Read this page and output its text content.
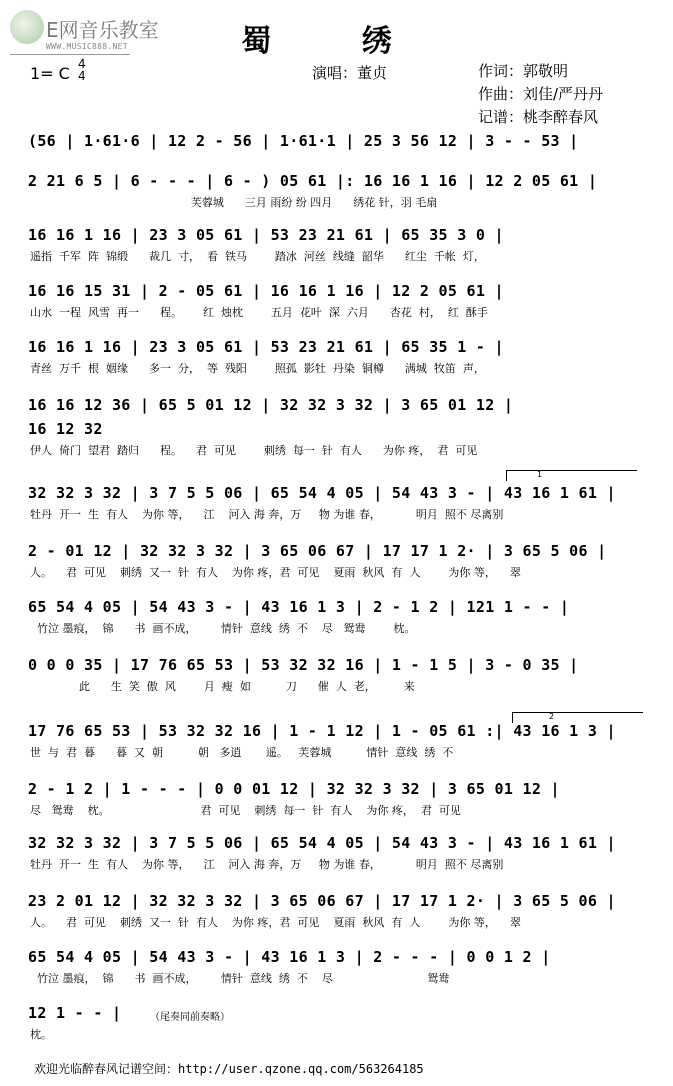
E网音乐教室
WWW.MUSIC888.NET	蜀 绣
1= C 4
4	演唱：董贞	作词：郭敬明
作曲：刘佳/严丹丹
记谱：桃李醉春风
(56 | 1·61·6 | 12 2 - 56 | 1·61·1 | 25 3 56 12 | 3 - - 53 |
2 21 6 5 | 6 - - - | 6 - ) 05 61 |: 16 16 1 16 | 12 2 05 61 |
芙蓉城      三月 雨纷 纷 四月      绣花 针，羽 毛扇
16 16 1 16 | 23 3 05 61 | 53 23 21 61 | 65 35 3 0 |
遥指  千军  阵  锦缎      裁几  寸，  看  铁马        踏冰  河丝  线缝  韶华      红尘  千帐  灯，
16 16 15 31 | 2 - 05 61 | 16 16 1 16 | 12 2 05 61 |
山水  一程  风雪  再一      程。      红  烛枕        五月  花叶  深  六月      杏花  村，  红  酥手
16 16 1 16 | 23 3 05 61 | 53 23 21 61 | 65 35 1 - |
青丝  万千  根  姻缘      多一  分，  等  残阳        照孤  影牡  丹染  铜樽      满城  牧笛  声，
16 16 12 36 | 65 5 01 12 | 32 32 3 32 | 3 65 01 12 |
16 12 32
伊人  倚门  望君  踏归      程。    君  可见        刺绣  每一  针  有人      为你 疼，  君  可见
32 32 3 32 | 3 7 5 5 06 | 65 54 4 05 | 54 43 3 - | 43 16 1 61 |
牡丹  开一  生  有人    为你 等，    江    河入 海 奔，万     物 为谁 春，          明月  照不 尽离别
2 - 01 12 | 32 32 3 32 | 3 65 06 67 | 17 17 1 2· | 3 65 5 06 |
人。    君  可见    刺绣  又一  针  有人    为你 疼，君  可见    夏雨  秋风  有  人        为你 等，    翠
65 54 4 05 | 54 43 3 - | 43 16 1 3 | 2 - 1 2 | 121 1 - - |
竹泣 墨痕，  锦      书  画不成，       情针  意线  绣  不    尽   鸳鸯        枕。
0 0 0 35 | 17 76 65 53 | 53 32 32 16 | 1 - 1 5 | 3 - 0 35 |
此      生  笑  傲  风        月  瘦  如          刀      催  人  老，        来
17 76 65 53 | 53 32 32 16 | 1 - 1 12 | 1 - 05 61 :| 43 16 1 3 |
世  与  君  暮      暮  又  朝          朝   多逍       遥。   芙蓉城          情针  意线  绣  不
2 - 1 2 | 1 - - - | 0 0 01 12 | 32 32 3 32 | 3 65 01 12 |
尽   鸳鸯    枕。                          君  可见    刺绣  每一  针  有人    为你 疼，  君  可见
32 32 3 32 | 3 7 5 5 06 | 65 54 4 05 | 54 43 3 - | 43 16 1 61 |
牡丹  开一  生  有人    为你 等，    江    河入 海 奔，万     物 为谁 春，          明月  照不 尽离别
23 2 01 12 | 32 32 3 32 | 3 65 06 67 | 17 17 1 2· | 3 65 5 06 |
人。    君  可见    刺绣  又一  针  有人    为你 疼，君  可见    夏雨  秋风  有  人        为你 等，    翠
65 54 4 05 | 54 43 3 - | 43 16 1 3 | 2 - - - | 0 0 1 2 |
竹泣 墨痕，  锦      书  画不成，       情针  意线  绣  不    尽                           鸳鸯
12 1 - - |	（尾奏同前奏略）
枕。
1
2
欢迎光临醉春风记谱空间：http://user.qzone.qq.com/563264185
